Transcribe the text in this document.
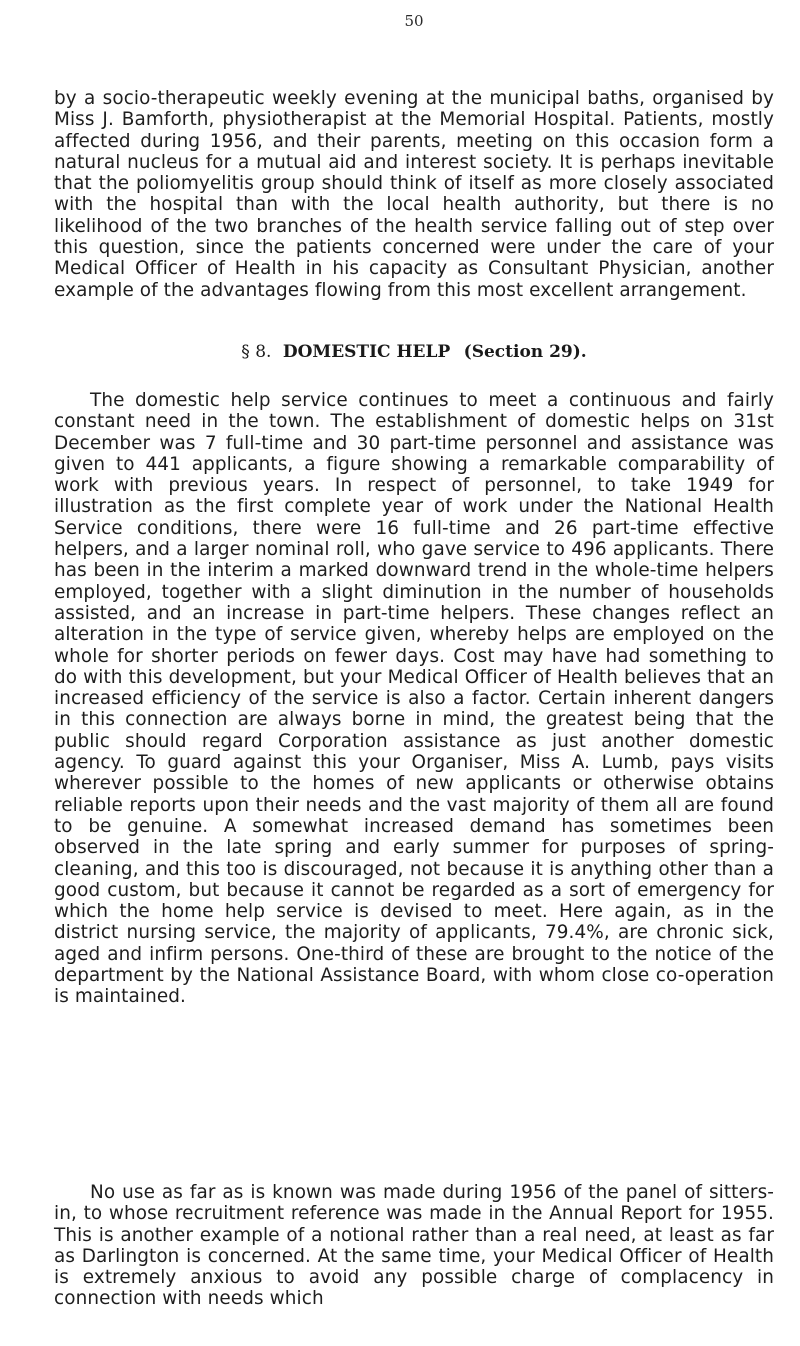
50

by a socio-therapeutic weekly evening at the municipal baths, organised by Miss J. Bamforth, physiotherapist at the Memorial Hospital. Patients, mostly affected during 1956, and their parents, meeting on this occasion form a natural nucleus for a mutual aid and interest society. It is perhaps inevitable that the poliomyelitis group should think of itself as more closely associated with the hospital than with the local health authority, but there is no likelihood of the two branches of the health service falling out of step over this question, since the patients concerned were under the care of your Medical Officer of Health in his capacity as Consultant Physician, another example of the advantages flowing from this most excellent arrangement.

§ 8. DOMESTIC HELP (Section 29).

The domestic help service continues to meet a continuous and fairly constant need in the town. The establishment of domestic helps on 31st December was 7 full-time and 30 part-time personnel and assistance was given to 441 applicants, a figure showing a remarkable comparability of work with previous years. In respect of personnel, to take 1949 for illustration as the first complete year of work under the National Health Service conditions, there were 16 full-time and 26 part-time effective helpers, and a larger nominal roll, who gave service to 496 applicants. There has been in the interim a marked downward trend in the whole-time helpers employed, together with a slight diminution in the number of households assisted, and an increase in part-time helpers. These changes reflect an alteration in the type of service given, whereby helps are employed on the whole for shorter periods on fewer days. Cost may have had something to do with this development, but your Medical Officer of Health believes that an increased efficiency of the service is also a factor. Certain inherent dangers in this connection are always borne in mind, the greatest being that the public should regard Corporation assistance as just another domestic agency. To guard against this your Organiser, Miss A. Lumb, pays visits wherever possible to the homes of new applicants or otherwise obtains reliable reports upon their needs and the vast majority of them all are found to be genuine. A somewhat increased demand has sometimes been observed in the late spring and early summer for purposes of spring-cleaning, and this too is discouraged, not because it is anything other than a good custom, but because it cannot be regarded as a sort of emergency for which the home help service is devised to meet. Here again, as in the district nursing service, the majority of applicants, 79.4%, are chronic sick, aged and infirm persons. One-third of these are brought to the notice of the department by the National Assistance Board, with whom close co-operation is maintained.

No use as far as is known was made during 1956 of the panel of sitters-in, to whose recruitment reference was made in the Annual Report for 1955. This is another example of a notional rather than a real need, at least as far as Darlington is concerned. At the same time, your Medical Officer of Health is extremely anxious to avoid any possible charge of complacency in connection with needs which
